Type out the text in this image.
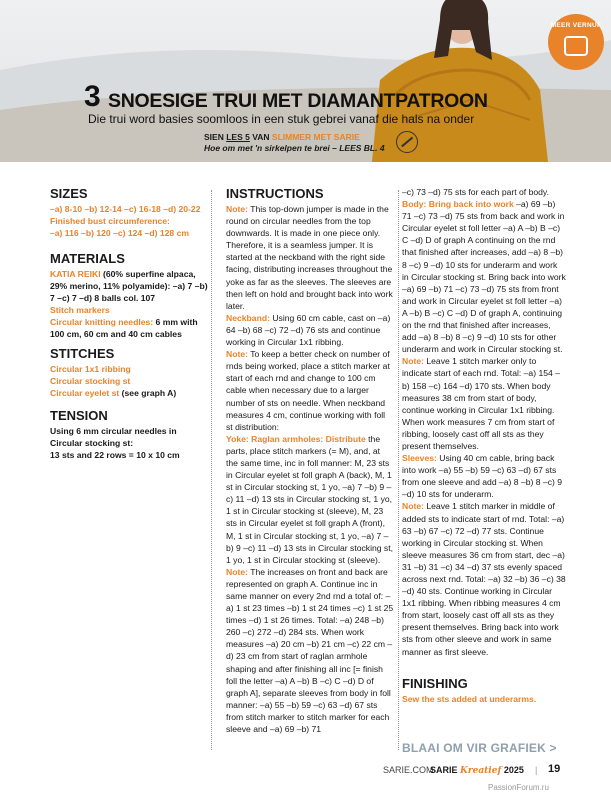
MEER VERNUF
3 SNOESIGE TRUI MET DIAMANTPATROON
Die trui word basies soomloos in een stuk gebrei vanaf die hals na onder
SIEN LES 5 VAN SLIMMER MET SARIE
Hoe om met 'n sirkelpen te brei – LEES BL. 4
SIZES

–a) 8-10 –b) 12-14 –c) 16-18 –d) 20-22

Finished bust circumference:

–a) 116 –b) 120 –c) 124 –d) 128 cm

MATERIALS

KATIA REIKI (60% superfine alpaca, 29% merino, 11% polyamide): –a) 7 –b) 7 –c) 7 –d) 8 balls col. 107

Stitch markers

Circular knitting needles: 6 mm with 100 cm, 60 cm and 40 cm cables

STITCHES

Circular 1x1 ribbing

Circular stocking st

Circular eyelet st (see graph A)

TENSION

Using 6 mm circular needles in Circular stocking st:

13 sts and 22 rows = 10 x 10 cm

INSTRUCTIONS

Note: This top-down jumper is made in the round on circular needles from the top downwards. It is made in one piece only. Therefore, it is a seamless jumper. It is started at the neckband with the right side facing, distributing increases throughout the yoke as far as the sleeves. The sleeves are then left on hold and brought back into work later.

Neckband: Using 60 cm cable, cast on –a) 64 –b) 68 –c) 72 –d) 76 sts and continue working in Circular 1x1 ribbing.

Note: To keep a better check on number of rnds being worked, place a stitch marker at start of each rnd and change to 100 cm cable when necessary due to a larger number of sts on needle. When neckband measures 4 cm, continue working with foll st distribution:

Yoke: Raglan armholes: Distribute the parts, place stitch markers (= M), and, at the same time, inc in foll manner: M, 23 sts in Circular eyelet st foll graph A (back), M, 1 st in Circular stocking st, 1 yo, –a) 7 –b) 9 –c) 11 –d) 13 sts in Circular stocking st, 1 yo, 1 st in Circular stocking st (sleeve), M, 23 sts in Circular eyelet st foll graph A (front), M, 1 st in Circular stocking st, 1 yo, –a) 7 –b) 9 –c) 11 –d) 13 sts in Circular stocking st, 1 yo, 1 st in Circular stocking st (sleeve).

Note: The increases on front and back are represented on graph A. Continue inc in same manner on every 2nd rnd a total of: –a) 1 st 23 times –b) 1 st 24 times –c) 1 st 25 times –d) 1 st 26 times. Total: –a) 248 –b) 260 –c) 272 –d) 284 sts. When work measures –a) 20 cm –b) 21 cm –c) 22 cm –d) 23 cm from start of raglan armhole shaping and after finishing all inc [= finish foll the letter –a) A –b) B –c) C –d) D of graph A], separate sleeves from body in foll manner: –a) 55 –b) 59 –c) 63 –d) 67 sts from stitch marker to stitch marker for each sleeve and –a) 69 –b) 71

–c) 73 –d) 75 sts for each part of body.

Body: Bring back into work –a) 69 –b) 71 –c) 73 –d) 75 sts from back and work in Circular eyelet st foll letter –a) A –b) B –c) C –d) D of graph A continuing on the rnd that finished after increases, add –a) 8 –b) 8 –c) 9 –d) 10 sts for underarm and work in Circular stocking st. Bring back into work –a) 69 –b) 71 –c) 73 –d) 75 sts from front and work in Circular eyelet st foll letter –a) A –b) B –c) C –d) D of graph A, continuing on the rnd that finished after increases, add –a) 8 –b) 8 –c) 9 –d) 10 sts for other underarm and work in Circular stocking st.

Note: Leave 1 stitch marker only to indicate start of each rnd. Total: –a) 154 –b) 158 –c) 164 –d) 170 sts. When body measures 38 cm from start of body, continue working in Circular 1x1 ribbing. When work measures 7 cm from start of ribbing, loosely cast off all sts as they present themselves.

Sleeves: Using 40 cm cable, bring back into work –a) 55 –b) 59 –c) 63 –d) 67 sts from one sleeve and add –a) 8 –b) 8 –c) 9 –d) 10 sts for underarm.

Note: Leave 1 stitch marker in middle of added sts to indicate start of rnd. Total: –a) 63 –b) 67 –c) 72 –d) 77 sts. Continue working in Circular stocking st. When sleeve measures 36 cm from start, dec –a) 31 –b) 31 –c) 34 –d) 37 sts evenly spaced across next rnd. Total: –a) 32 –b) 36 –c) 38 –d) 40 sts. Continue working in Circular 1x1 ribbing. When ribbing measures 4 cm from start, loosely cast off all sts as they present themselves. Bring back into work sts from other sleeve and work in same manner as first sleeve.

FINISHING

Sew the sts added at underarms.

BLAAI OM VIR GRAFIEK >
SARIE.COM
SARIE Kreatief 2025 | 19
PassionForum.ru
